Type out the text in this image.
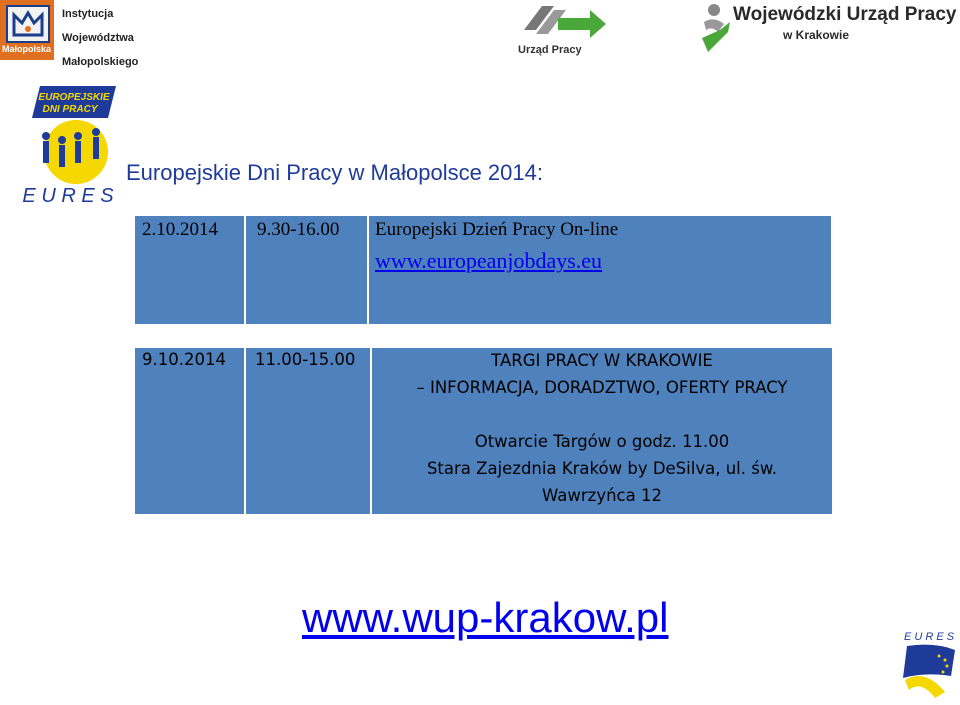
Małopolska
Instytucja
Województwa
Małopolskiego
Urząd Pracy
Wojewódzki Urząd Pracy
w Krakowie
EUROPEJSKIE
DNI PRACY
E U R E S
Europejskie Dni Pracy w Małopolsce 2014:
2.10.2014 9.30-16.00 Europejski Dzień Pracy On-line
www.europeanjobdays.eu
9.10.2014 11.00-15.00	TARGI PRACY W KRAKOWIE
– INFORMACJA, DORADZTWO, OFERTY PRACY
Otwarcie Targów o godz. 11.00
Stara Zajezdnia Kraków by DeSilva, ul. św.
Wawrzyńca 12
www.wup-krakow.pl	E U R E S
